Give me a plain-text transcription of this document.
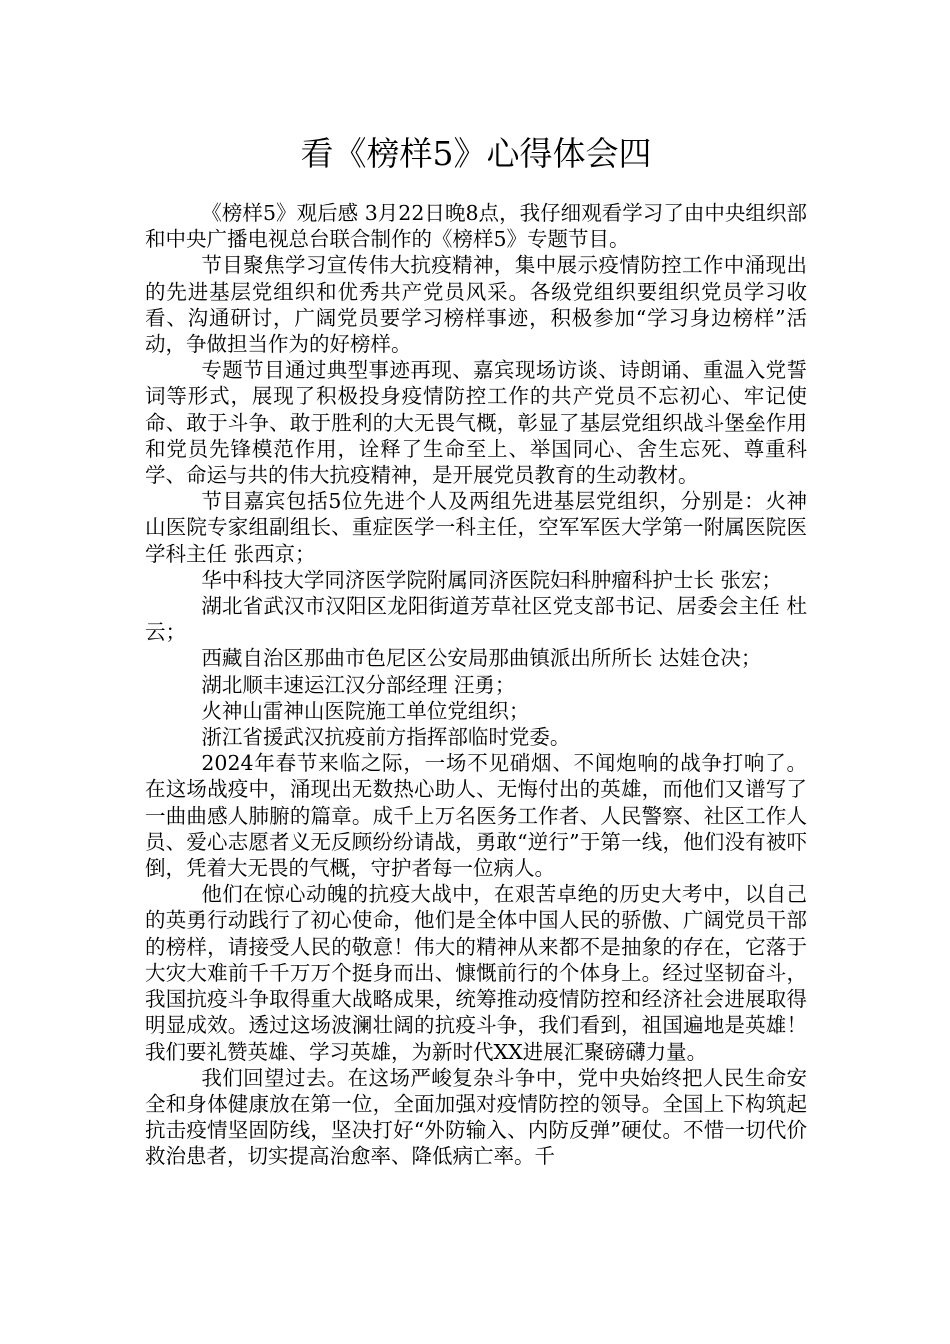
看《榜样5》心得体会四

《榜样5》观后感 3月22日晚8点，我仔细观看学习了由中央组织部和中央广播电视总台联合制作的《榜样5》专题节目。

节目聚焦学习宣传伟大抗疫精神，集中展示疫情防控工作中涌现出的先进基层党组织和优秀共产党员风采。各级党组织要组织党员学习收看、沟通研讨，广阔党员要学习榜样事迹，积极参加“学习身边榜样”活动，争做担当作为的好榜样。

专题节目通过典型事迹再现、嘉宾现场访谈、诗朗诵、重温入党誓词等形式，展现了积极投身疫情防控工作的共产党员不忘初心、牢记使命、敢于斗争、敢于胜利的大无畏气概，彰显了基层党组织战斗堡垒作用和党员先锋模范作用，诠释了生命至上、举国同心、舍生忘死、尊重科学、命运与共的伟大抗疫精神，是开展党员教育的生动教材。

节目嘉宾包括5位先进个人及两组先进基层党组织，分别是：火神山医院专家组副组长、重症医学一科主任，空军军医大学第一附属医院医学科主任 张西京；

华中科技大学同济医学院附属同济医院妇科肿瘤科护士长 张宏；

湖北省武汉市汉阳区龙阳街道芳草社区党支部书记、居委会主任 杜云；

西藏自治区那曲市色尼区公安局那曲镇派出所所长 达娃仓决；

湖北顺丰速运江汉分部经理 汪勇；

火神山雷神山医院施工单位党组织；

浙江省援武汉抗疫前方指挥部临时党委。

2024年春节来临之际，一场不见硝烟、不闻炮响的战争打响了。在这场战疫中，涌现出无数热心助人、无悔付出的英雄，而他们又谱写了一曲曲感人肺腑的篇章。成千上万名医务工作者、人民警察、社区工作人员、爱心志愿者义无反顾纷纷请战，勇敢“逆行”于第一线，他们没有被吓倒，凭着大无畏的气概，守护者每一位病人。

他们在惊心动魄的抗疫大战中，在艰苦卓绝的历史大考中，以自己的英勇行动践行了初心使命，他们是全体中国人民的骄傲、广阔党员干部的榜样，请接受人民的敬意！伟大的精神从来都不是抽象的存在，它落于大灾大难前千千万万个挺身而出、慷慨前行的个体身上。经过坚韧奋斗，我国抗疫斗争取得重大战略成果，统筹推动疫情防控和经济社会进展取得明显成效。透过这场波澜壮阔的抗疫斗争，我们看到，祖国遍地是英雄！我们要礼赞英雄、学习英雄，为新时代XX进展汇聚磅礴力量。

我们回望过去。在这场严峻复杂斗争中，党中央始终把人民生命安全和身体健康放在第一位，全面加强对疫情防控的领导。全国上下构筑起抗击疫情坚固防线，坚决打好“外防输入、内防反弹”硬仗。不惜一切代价救治患者，切实提高治愈率、降低病亡率。千
